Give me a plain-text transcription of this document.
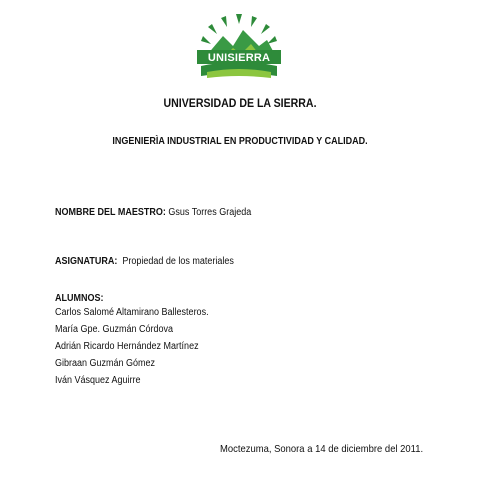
UNISIERRA
UNIVERSIDAD DE LA SIERRA.
INGENIERÌA INDUSTRIAL EN PRODUCTIVIDAD Y CALIDAD.
NOMBRE DEL MAESTRO: Gsus Torres Grajeda
ASIGNATURA: Propiedad de los materiales
ALUMNOS:
Carlos Salomé Altamirano Ballesteros.
María Gpe. Guzmán Córdova
Adrián Ricardo Hernández Martínez
Gibraan Guzmán Gómez
Iván Vásquez Aguirre
Moctezuma, Sonora a 14 de diciembre del 2011.
